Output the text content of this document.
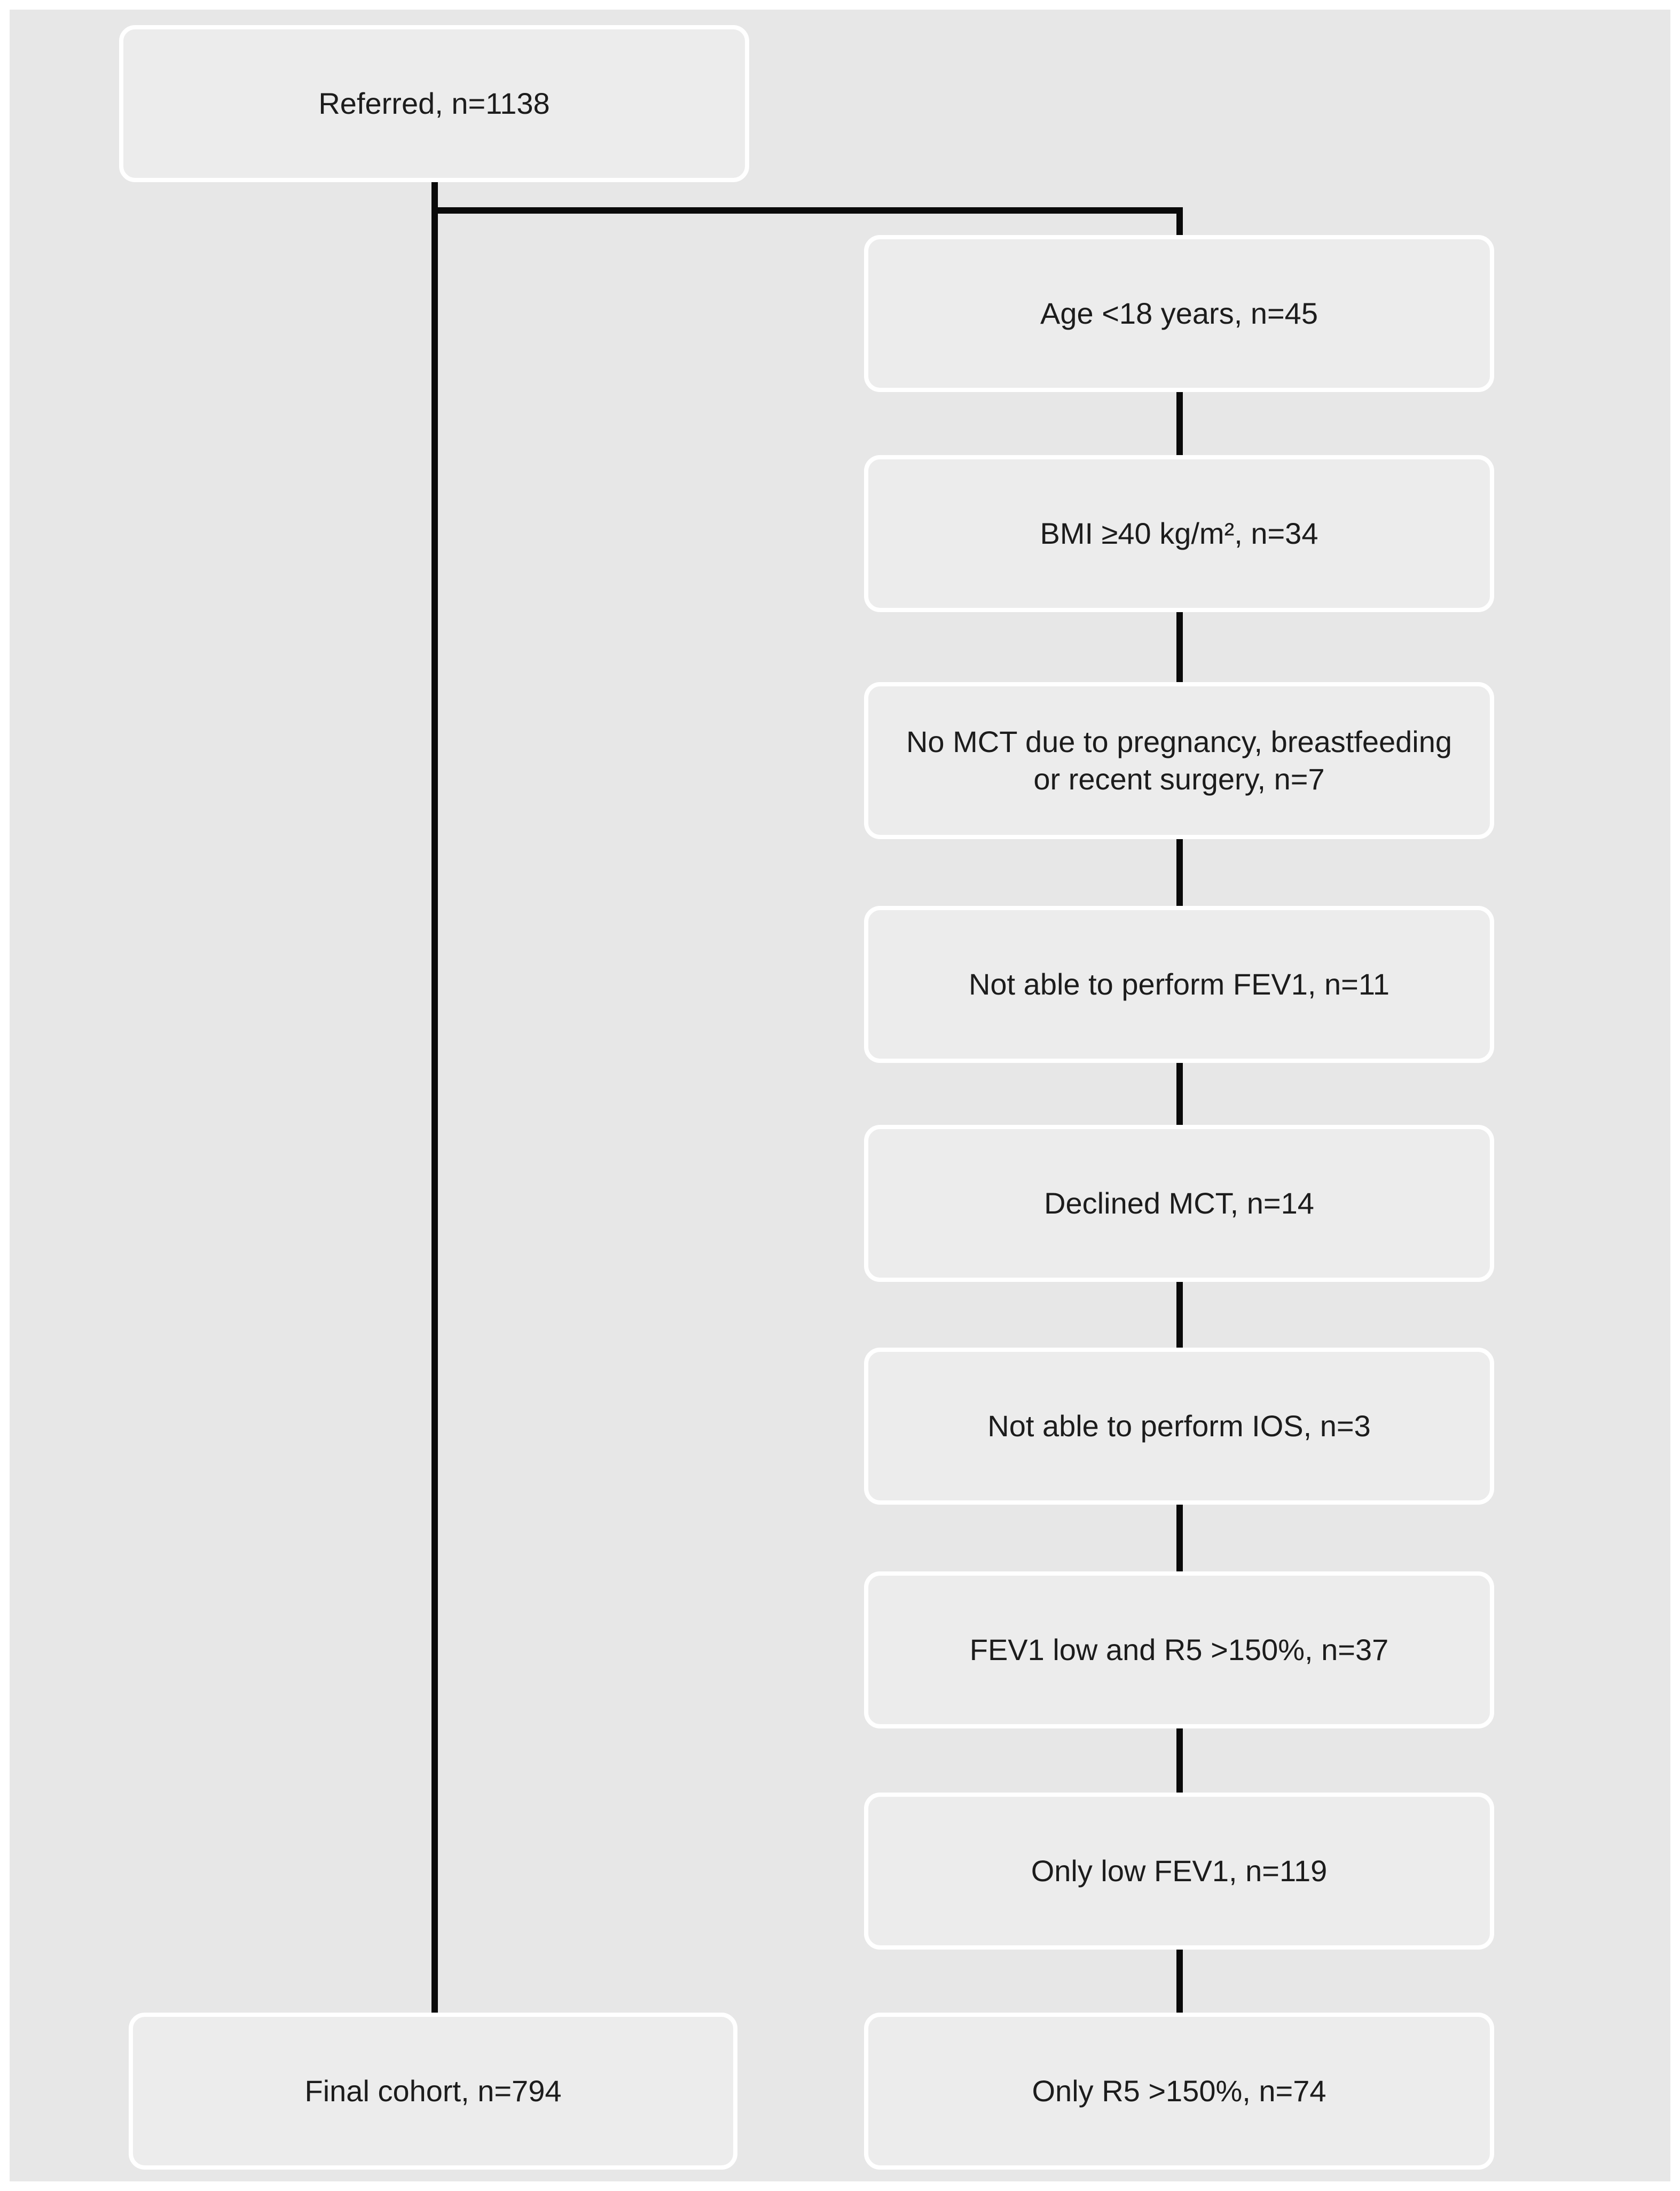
Referred, n=1138
Age <18 years, n=45
BMI ≥40 kg/m², n=34
No MCT due to pregnancy, breastfeeding or recent surgery, n=7
Not able to perform FEV1, n=11
Declined MCT, n=14
Not able to perform IOS, n=3
FEV1 low and R5 >150%, n=37
Only low FEV1, n=119
Only R5 >150%, n=74
Final cohort, n=794
